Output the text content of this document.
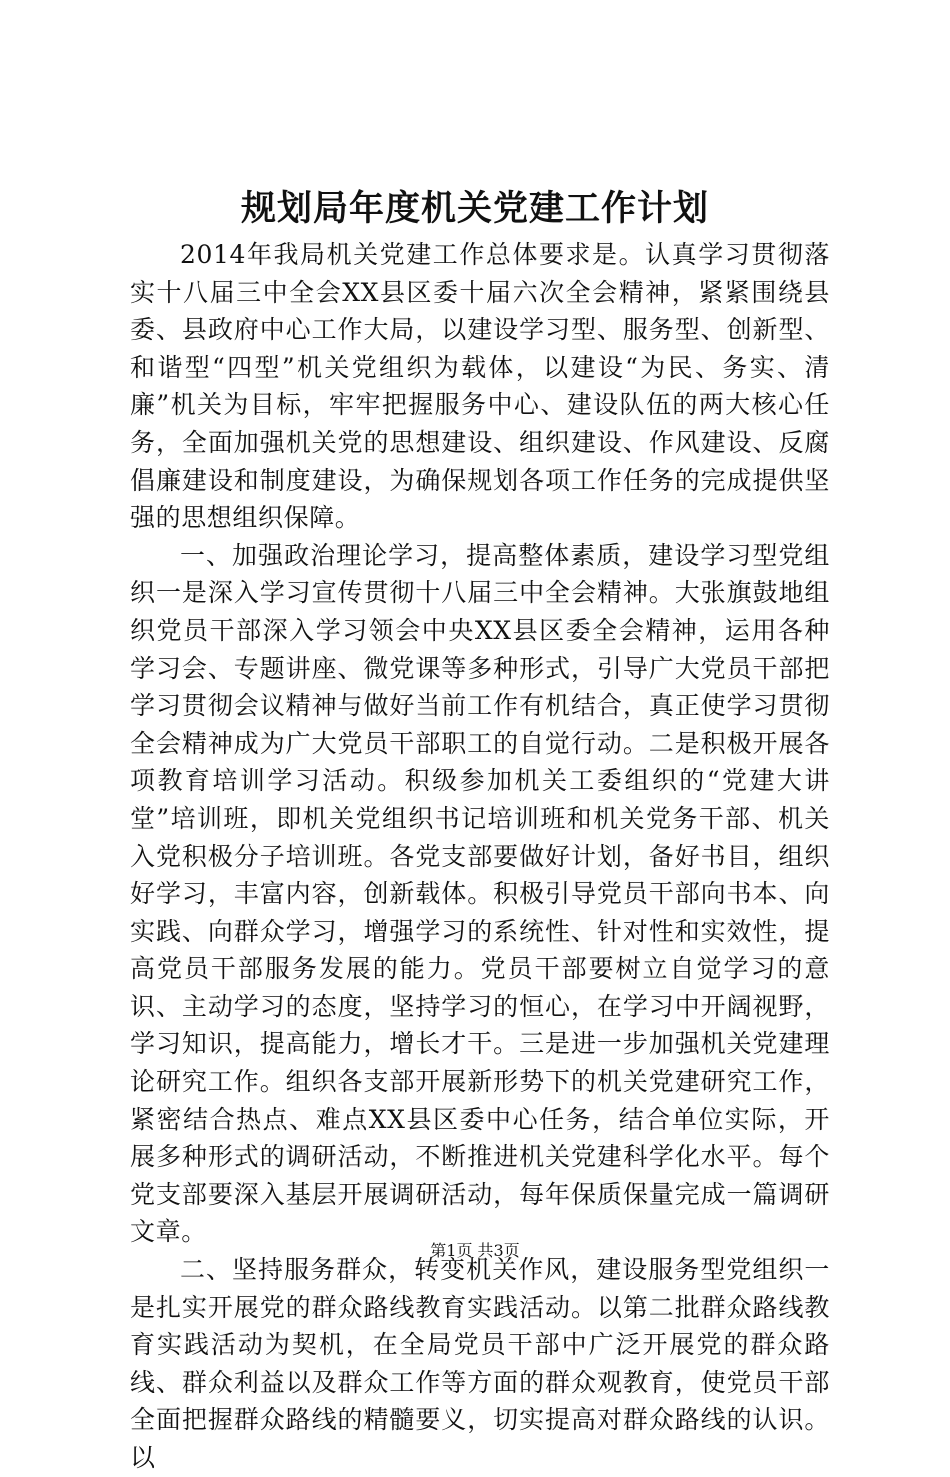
规划局年度机关党建工作计划

2014年我局机关党建工作总体要求是。认真学习贯彻落实十八届三中全会XX县区委十届六次全会精神，紧紧围绕县委、县政府中心工作大局，以建设学习型、服务型、创新型、和谐型“四型”机关党组织为载体，以建设“为民、务实、清廉”机关为目标，牢牢把握服务中心、建设队伍的两大核心任务，全面加强机关党的思想建设、组织建设、作风建设、反腐倡廉建设和制度建设，为确保规划各项工作任务的完成提供坚强的思想组织保障。

一、加强政治理论学习，提高整体素质，建设学习型党组织一是深入学习宣传贯彻十八届三中全会精神。大张旗鼓地组织党员干部深入学习领会中央XX县区委全会精神，运用各种学习会、专题讲座、微党课等多种形式，引导广大党员干部把学习贯彻会议精神与做好当前工作有机结合，真正使学习贯彻全会精神成为广大党员干部职工的自觉行动。二是积极开展各项教育培训学习活动。积级参加机关工委组织的“党建大讲堂”培训班，即机关党组织书记培训班和机关党务干部、机关入党积极分子培训班。各党支部要做好计划，备好书目，组织好学习，丰富内容，创新载体。积极引导党员干部向书本、向实践、向群众学习，增强学习的系统性、针对性和实效性，提高党员干部服务发展的能力。党员干部要树立自觉学习的意识、主动学习的态度，坚持学习的恒心，在学习中开阔视野，学习知识，提高能力，增长才干。三是进一步加强机关党建理论研究工作。组织各支部开展新形势下的机关党建研究工作，紧密结合热点、难点XX县区委中心任务，结合单位实际，开展多种形式的调研活动，不断推进机关党建科学化水平。每个党支部要深入基层开展调研活动，每年保质保量完成一篇调研文章。

二、坚持服务群众，转变机关作风，建设服务型党组织一是扎实开展党的群众路线教育实践活动。以第二批群众路线教育实践活动为契机，在全局党员干部中广泛开展党的群众路线、群众利益以及群众工作等方面的群众观教育，使党员干部全面把握群众路线的精髓要义，切实提高对群众路线的认识。以

第1页 共3页
